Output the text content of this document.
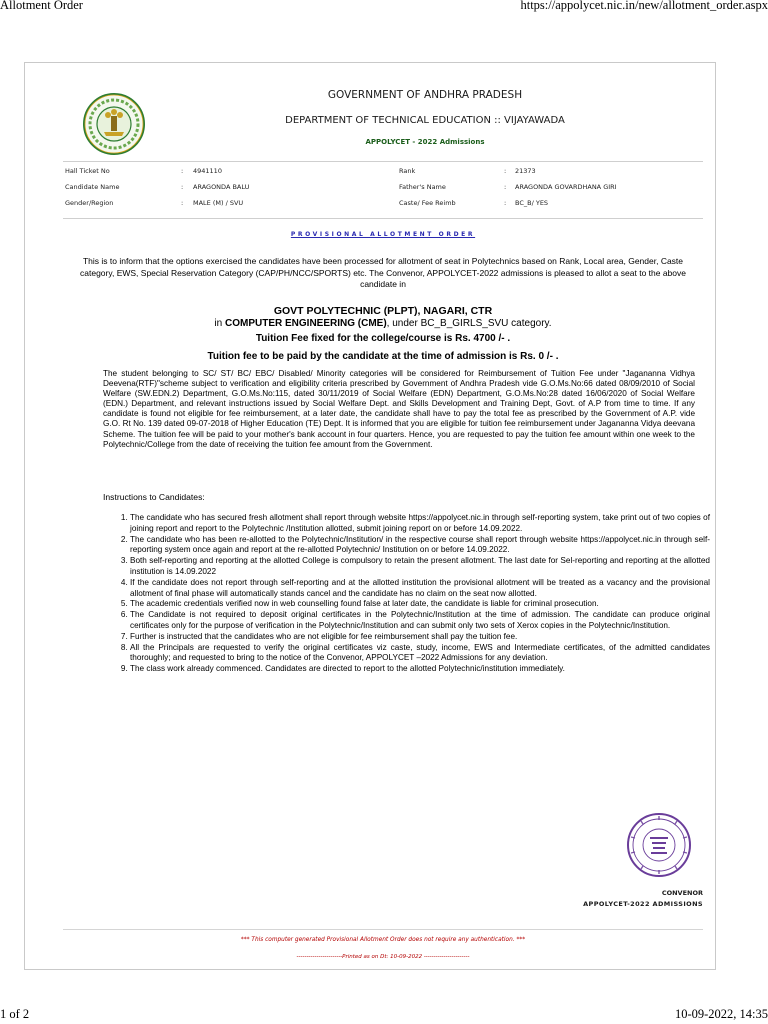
Allotment Order	https://appolycet.nic.in/new/allotment_order.aspx
GOVERNMENT OF ANDHRA PRADESH
DEPARTMENT OF TECHNICAL EDUCATION :: VIJAYAWADA
APPOLYCET - 2022 Admissions
Hall Ticket No	: 4941110	Rank	: 21373
Candidate Name	: ARAGONDA BALU	Father's Name	: ARAGONDA GOVARDHANA GIRI
Gender/Region	: MALE (M) / SVU	Caste/ Fee Reimb	: BC_B/ YES
PROVISIONAL ALLOTMENT ORDER
This is to inform that the options exercised the candidates have been processed for allotment of seat in Polytechnics based on Rank, Local area, Gender, Caste category, EWS, Special Reservation Category (CAP/PH/NCC/SPORTS) etc. The Convenor, APPOLYCET-2022 admissions is pleased to allot a seat to the above candidate in
GOVT POLYTECHNIC (PLPT), NAGARI, CTR
in COMPUTER ENGINEERING (CME), under BC_B_GIRLS_SVU category.
Tuition Fee fixed for the college/course is Rs. 4700 /- .
Tuition fee to be paid by the candidate at the time of admission is Rs. 0 /- .
The student belonging to SC/ ST/ BC/ EBC/ Disabled/ Minority categories will be considered for Reimbursement of Tuition Fee under "Jagananna Vidhya Deevena(RTF)"scheme subject to verification and eligibility criteria prescribed by Government of Andhra Pradesh vide G.O.Ms.No:66 dated 08/09/2010 of Social Welfare (SW.EDN.2) Department, G.O.Ms.No:115, dated 30/11/2019 of Social Welfare (EDN) Department, G.O.Ms.No:28 dated 16/06/2020 of Social Welfare (EDN.) Department, and relevant instructions issued by Social Welfare Dept. and Skills Development and Training Dept, Govt. of A.P from time to time. If any candidate is found not eligible for fee reimbursement, at a later date, the candidate shall have to pay the total fee as prescribed by the Government of A.P. vide G.O. Rt No. 139 dated 09-07-2018 of Higher Education (TE) Dept. It is informed that you are eligible for tuition fee reimbursement under Jagananna Vidya deevana Scheme. The tuition fee will be paid to your mother's bank account in four quarters. Hence, you are requested to pay the tuition fee amount within one week to the Polytechnic/College from the date of receiving the tuition fee amount from the Government.
Instructions to Candidates:
1. The candidate who has secured fresh allotment shall report through website https://appolycet.nic.in through self-reporting system, take print out of two copies of joining report and report to the Polytechnic /Institution allotted, submit joining report on or before 14.09.2022.
2. The candidate who has been re-allotted to the Polytechnic/Institution/ in the respective course shall report through website https://appolycet.nic.in through self-reporting system once again and report at the re-allotted Polytechnic/ Institution on or before 14.09.2022.
3. Both self-reporting and reporting at the allotted College is compulsory to retain the present allotment. The last date for Sel-reporting and reporting at the allotted institution is 14.09.2022
4. If the candidate does not report through self-reporting and at the allotted institution the provisional allotment will be treated as a vacancy and the provisional allotment of final phase will automatically stands cancel and the candidate has no claim on the seat now allotted.
5. The academic credentials verified now in web counselling found false at later date, the candidate is liable for criminal prosecution.
6. The Candidate is not required to deposit original certificates in the Polytechnic/Institution at the time of admission. The candidate can produce original certificates only for the purpose of verification in the Polytechnic/Institution and can submit only two sets of Xerox copies in the Polytechnic/Institution.
7. Further is instructed that the candidates who are not eligible for fee reimbursement shall pay the tuition fee.
8. All the Principals are requested to verify the original certificates viz caste, study, income, EWS and Intermediate certificates, of the admitted candidates thoroughly; and requested to bring to the notice of the Convenor, APPOLYCET –2022 Admissions for any deviation.
9. The class work already commenced. Candidates are directed to report to the allotted Polytechnic/institution immediately.
CONVENOR
APPOLYCET-2022 ADMISSIONS
*** This computer generated Provisional Allotment Order does not require any authentication. ***
-----------------------Printed as on Dt: 10-09-2022 -----------------------
1 of 2	10-09-2022, 14:35
